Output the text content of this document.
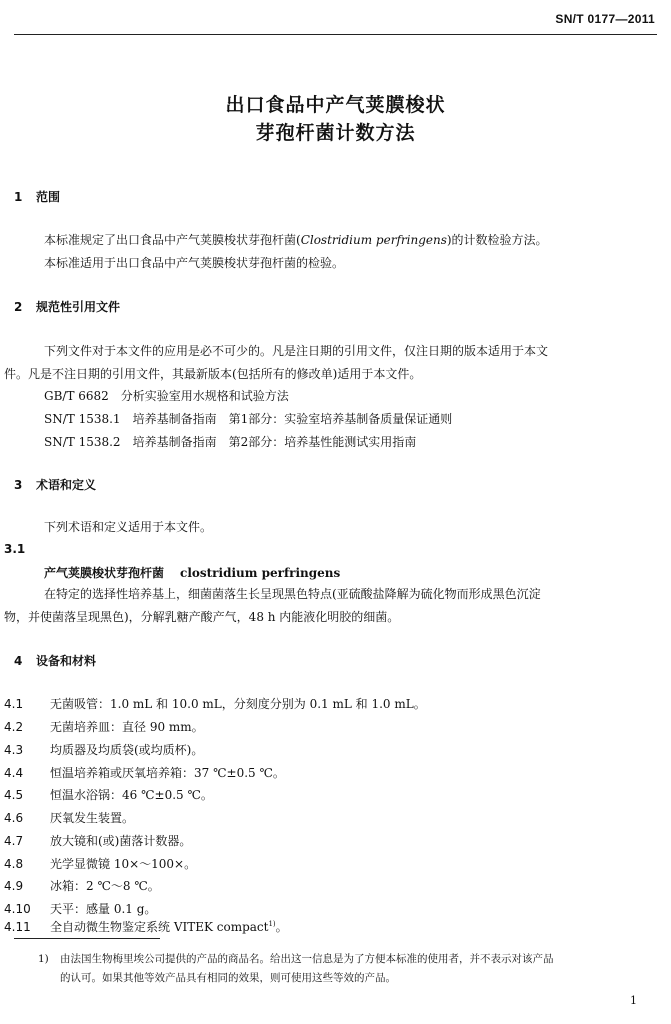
SN/T 0177—2011
出口食品中产气荚膜梭状
芽孢杆菌计数方法
1 范围
本标准规定了出口食品中产气荚膜梭状芽孢杆菌(Clostridium perfringens)的计数检验方法。
本标准适用于出口食品中产气荚膜梭状芽孢杆菌的检验。
2 规范性引用文件
下列文件对于本文件的应用是必不可少的。凡是注日期的引用文件，仅注日期的版本适用于本文
件。凡是不注日期的引用文件，其最新版本(包括所有的修改单)适用于本文件。
GB/T 6682　分析实验室用水规格和试验方法
SN/T 1538.1　培养基制备指南　第1部分：实验室培养基制备质量保证通则
SN/T 1538.2　培养基制备指南　第2部分：培养基性能测试实用指南
3 术语和定义
下列术语和定义适用于本文件。
3.1
产气荚膜梭状芽孢杆菌 clostridium perfringens
在特定的选择性培养基上，细菌菌落生长呈现黑色特点(亚硫酸盐降解为硫化物而形成黑色沉淀
物，并使菌落呈现黑色)，分解乳糖产酸产气，48 h 内能液化明胶的细菌。
4 设备和材料
4.1 无菌吸管：1.0 mL 和 10.0 mL，分刻度分别为 0.1 mL 和 1.0 mL。
4.2 无菌培养皿：直径 90 mm。
4.3 均质器及均质袋(或均质杯)。
4.4 恒温培养箱或厌氧培养箱：37 ℃±0.5 ℃。
4.5 恒温水浴锅：46 ℃±0.5 ℃。
4.6 厌氧发生装置。
4.7 放大镜和(或)菌落计数器。
4.8 光学显微镜 10×～100×。
4.9 冰箱：2 ℃～8 ℃。
4.10 天平：感量 0.1 g。
4.11 全自动微生物鉴定系统 VITEK compact$^{1)}$。
1) 由法国生物梅里埃公司提供的产品的商品名。给出这一信息是为了方便本标准的使用者，并不表示对该产品
的认可。如果其他等效产品具有相同的效果，则可使用这些等效的产品。
1
